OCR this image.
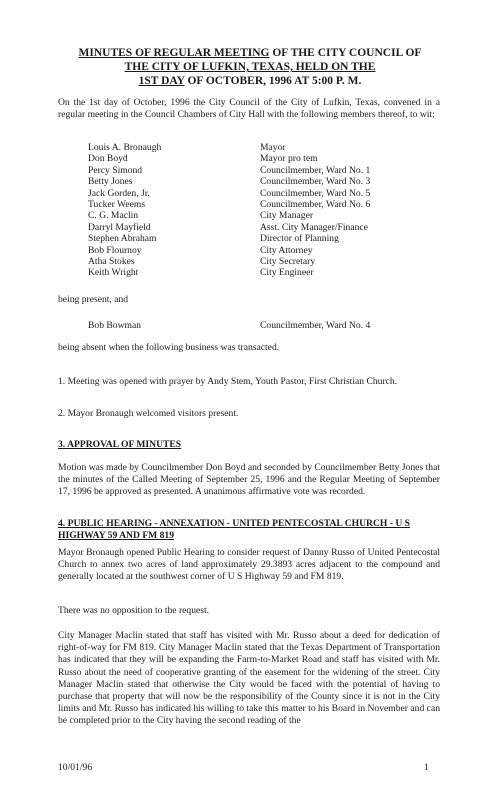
MINUTES OF REGULAR MEETING OF THE CITY COUNCIL OF
THE CITY OF LUFKIN, TEXAS, HELD ON THE
1ST DAY OF OCTOBER, 1996 AT 5:00 P. M.
On the 1st day of October, 1996 the City Council of the City of Lufkin, Texas, convened in a regular meeting in the Council Chambers of City Hall with the following members thereof, to wit:
Louis A. Bronaugh	Mayor
Don Boyd	Mayor pro tem
Percy Simond	Councilmember, Ward No. 1
Betty Jones	Councilmember, Ward No. 3
Jack Gorden, Jr.	Councilmember, Ward No. 5
Tucker Weems	Councilmember, Ward No. 6
C. G. Maclin	City Manager
Darryl Mayfield	Asst. City Manager/Finance
Stephen Abraham	Director of Planning
Bob Flournoy	City Attorney
Atha Stokes	City Secretary
Keith Wright	City Engineer
being present, and
Bob Bowman	Councilmember, Ward No. 4
being absent when the following business was transacted.
1. Meeting was opened with prayer by Andy Stem, Youth Pastor, First Christian Church.
2. Mayor Bronaugh welcomed visitors present.
3. APPROVAL OF MINUTES
Motion was made by Councilmember Don Boyd and seconded by Councilmember Betty Jones that the minutes of the Called Meeting of September 25, 1996 and the Regular Meeting of September 17, 1996 be approved as presented. A unanimous affirmative vote was recorded.
4. PUBLIC HEARING - ANNEXATION - UNITED PENTECOSTAL CHURCH - U S HIGHWAY 59 AND FM 819
Mayor Bronaugh opened Public Hearing to consider request of Danny Russo of United Pentecostal Church to annex two acres of land approximately 29.3893 acres adjacent to the compound and generally located at the southwest corner of U S Highway 59 and FM 819.
There was no opposition to the request.
City Manager Maclin stated that staff has visited with Mr. Russo about a deed for dedication of right-of-way for FM 819. City Manager Maclin stated that the Texas Department of Transportation has indicated that they will be expanding the Farm-to-Market Road and staff has visited with Mr. Russo about the need of cooperative granting of the easement for the widening of the street. City Manager Maclin stated that otherwise the City would be faced with the potential of having to purchase that property that will now be the responsibility of the County since it is not in the City limits and Mr. Russo has indicated his willing to take this matter to his Board in November and can be completed prior to the City having the second reading of the
10/01/96	1
